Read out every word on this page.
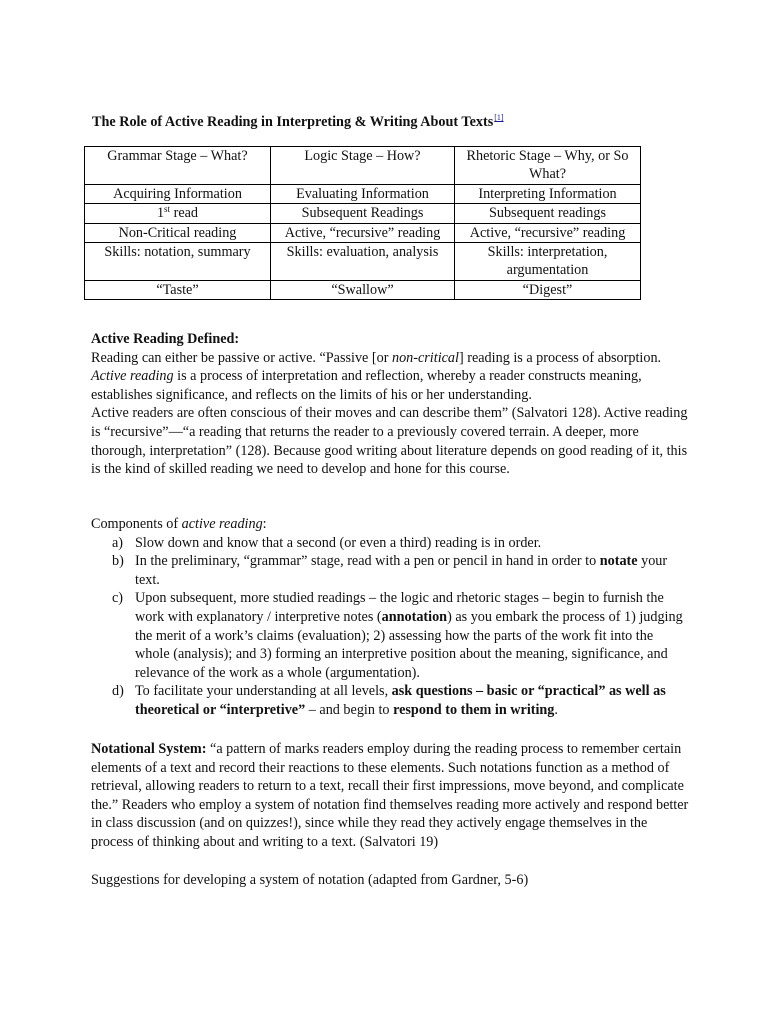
The Role of Active Reading in Interpreting & Writing About Texts[1]
Grammar Stage – What?	Logic Stage – How?	Rhetoric Stage – Why, or So What?
Acquiring Information	Evaluating Information	Interpreting Information
1st read	Subsequent Readings	Subsequent readings
Non-Critical reading	Active, “recursive” reading	Active, “recursive” reading
Skills: notation, summary	Skills: evaluation, analysis	Skills: interpretation, argumentation
“Taste”	“Swallow”	“Digest”

Active Reading Defined:

Reading can either be passive or active. “Passive [or non-critical] reading is a process of absorption. Active reading is a process of interpretation and reflection, whereby a reader constructs meaning, establishes significance, and reflects on the limits of his or her understanding.

Active readers are often conscious of their moves and can describe them” (Salvatori 128). Active reading is “recursive”—“a reading that returns the reader to a previously covered terrain. A deeper, more thorough, interpretation” (128). Because good writing about literature depends on good reading of it, this is the kind of skilled reading we need to develop and hone for this course.

Components of active reading:

a) Slow down and know that a second (or even a third) reading is in order.
b) In the preliminary, “grammar” stage, read with a pen or pencil in hand in order to notate your text.
c) Upon subsequent, more studied readings – the logic and rhetoric stages – begin to furnish the work with explanatory / interpretive notes (annotation) as you embark the process of 1) judging the merit of a work’s claims (evaluation); 2) assessing how the parts of the work fit into the whole (analysis); and 3) forming an interpretive position about the meaning, significance, and relevance of the work as a whole (argumentation).
d) To facilitate your understanding at all levels, ask questions – basic or “practical” as well as theoretical or “interpretive” – and begin to respond to them in writing.

Notational System: “a pattern of marks readers employ during the reading process to remember certain elements of a text and record their reactions to these elements. Such notations function as a method of retrieval, allowing readers to return to a text, recall their first impressions, move beyond, and complicate the.” Readers who employ a system of notation find themselves reading more actively and respond better in class discussion (and on quizzes!), since while they read they actively engage themselves in the process of thinking about and writing to a text. (Salvatori 19)

Suggestions for developing a system of notation (adapted from Gardner, 5-6)
